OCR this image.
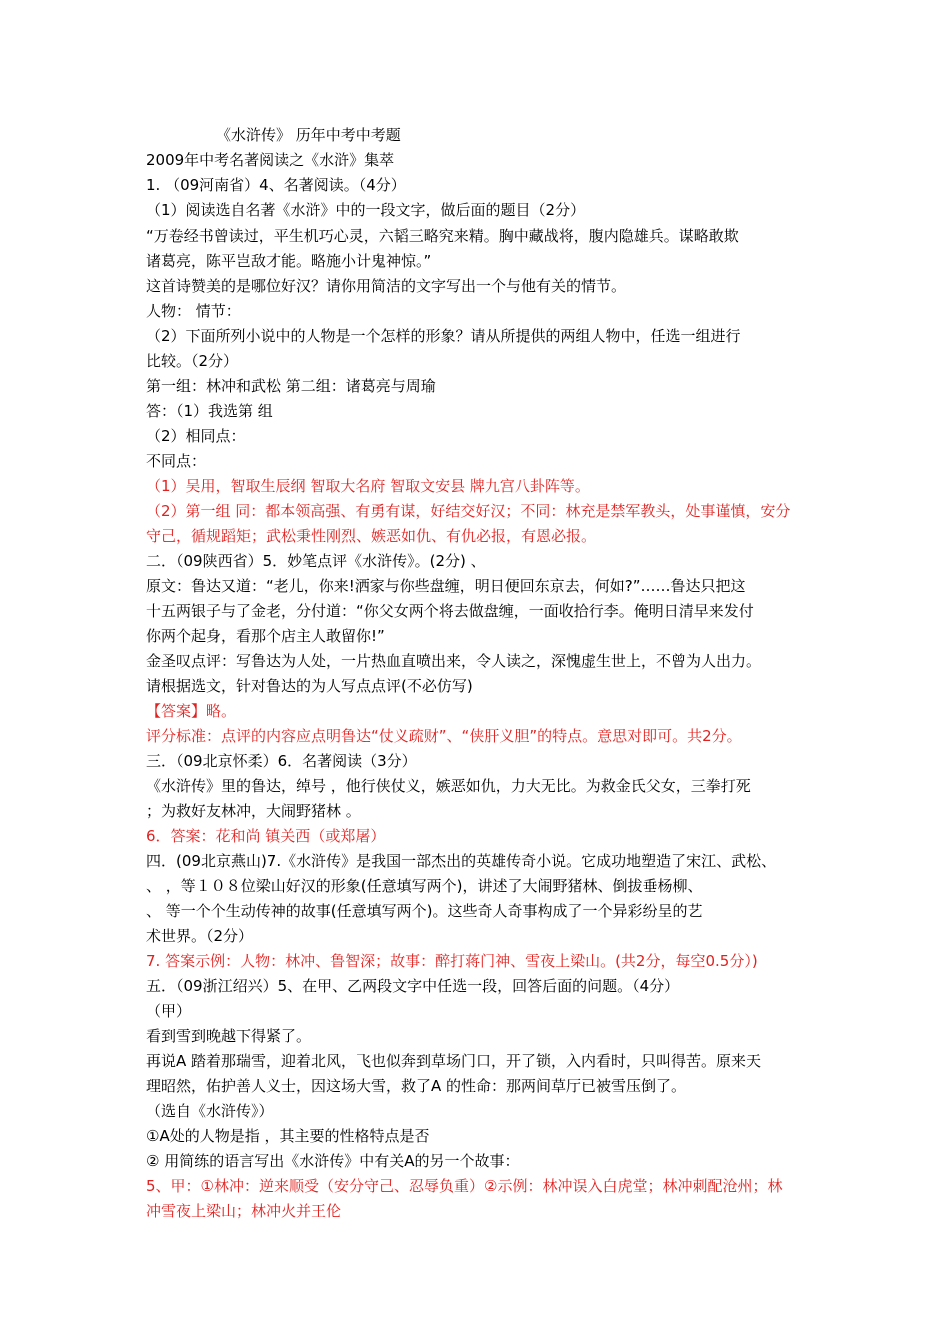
《水浒传》 历年中考中考题
2009年中考名著阅读之《水浒》集萃
1. （09河南省）4、名著阅读。（4分）
（1）阅读选自名著《水浒》中的一段文字，做后面的题目（2分）
“万卷经书曾读过，平生机巧心灵，六韬三略究来精。胸中藏战将，腹内隐雄兵。谋略敢欺
诸葛亮，陈平岂敌才能。略施小计鬼神惊。”
这首诗赞美的是哪位好汉？请你用简洁的文字写出一个与他有关的情节。
人物： 情节：
（2）下面所列小说中的人物是一个怎样的形象？请从所提供的两组人物中，任选一组进行
比较。（2分）
第一组：林冲和武松 第二组：诸葛亮与周瑜
答：（1）我选第 组
（2）相同点：
不同点：
（1）吴用，智取生辰纲 智取大名府 智取文安县 牌九宫八卦阵等。
（2）第一组 同：都本领高强、有勇有谋，好结交好汉；不同：林充是禁军教头，处事谨慎，安分
守己，循规蹈矩；武松秉性刚烈、嫉恶如仇、有仇必报，有恩必报。
二．（09陕西省）5．妙笔点评《水浒传》。(2分) 、
原文：鲁达又道：“老儿，你来!洒家与你些盘缠，明日便回东京去，何如?”……鲁达只把这
十五两银子与了金老，分付道：“你父女两个将去做盘缠，一面收拾行李。俺明日清早来发付
你两个起身，看那个店主人敢留你!”
金圣叹点评：写鲁达为人处，一片热血直喷出来，令人读之，深愧虚生世上，不曾为人出力。
请根据选文，针对鲁达的为人写点点评(不必仿写)
【答案】略。
评分标准：点评的内容应点明鲁达“仗义疏财”、“侠肝义胆”的特点。意思对即可。共2分。
三．（09北京怀柔）6．名著阅读（3分）
《水浒传》里的鲁达，绰号 ，他行侠仗义，嫉恶如仇，力大无比。为救金氏父女，三拳打死
；为救好友林冲，大闹野猪林 。
6．答案：花和尚 镇关西（或郑屠）
四．(09北京燕山)7.《水浒传》是我国一部杰出的英雄传奇小说。它成功地塑造了宋江、武松、
、 ，等１０８位梁山好汉的形象(任意填写两个)，讲述了大闹野猪林、倒拔垂杨柳、
、 等一个个生动传神的故事(任意填写两个)。这些奇人奇事构成了一个异彩纷呈的艺
术世界。（2分）
7. 答案示例：人物：林冲、鲁智深；故事：醉打蒋门神、雪夜上梁山。(共2分，每空0.5分）)
五．（09浙江绍兴）5、在甲、乙两段文字中任选一段，回答后面的问题。（4分）
（甲）
看到雪到晚越下得紧了。
再说A 踏着那瑞雪，迎着北风，飞也似奔到草场门口，开了锁，入内看时，只叫得苦。原来天
理昭然，佑护善人义士，因这场大雪，救了A 的性命：那两间草厅已被雪压倒了。
（选自《水浒传》）
①A处的人物是指 ，其主要的性格特点是否
② 用简练的语言写出《水浒传》中有关A的另一个故事：
5、甲：①林冲：逆来顺受（安分守己、忍辱负重）②示例：林冲误入白虎堂；林冲刺配沧州；林
冲雪夜上梁山；林冲火并王伦
